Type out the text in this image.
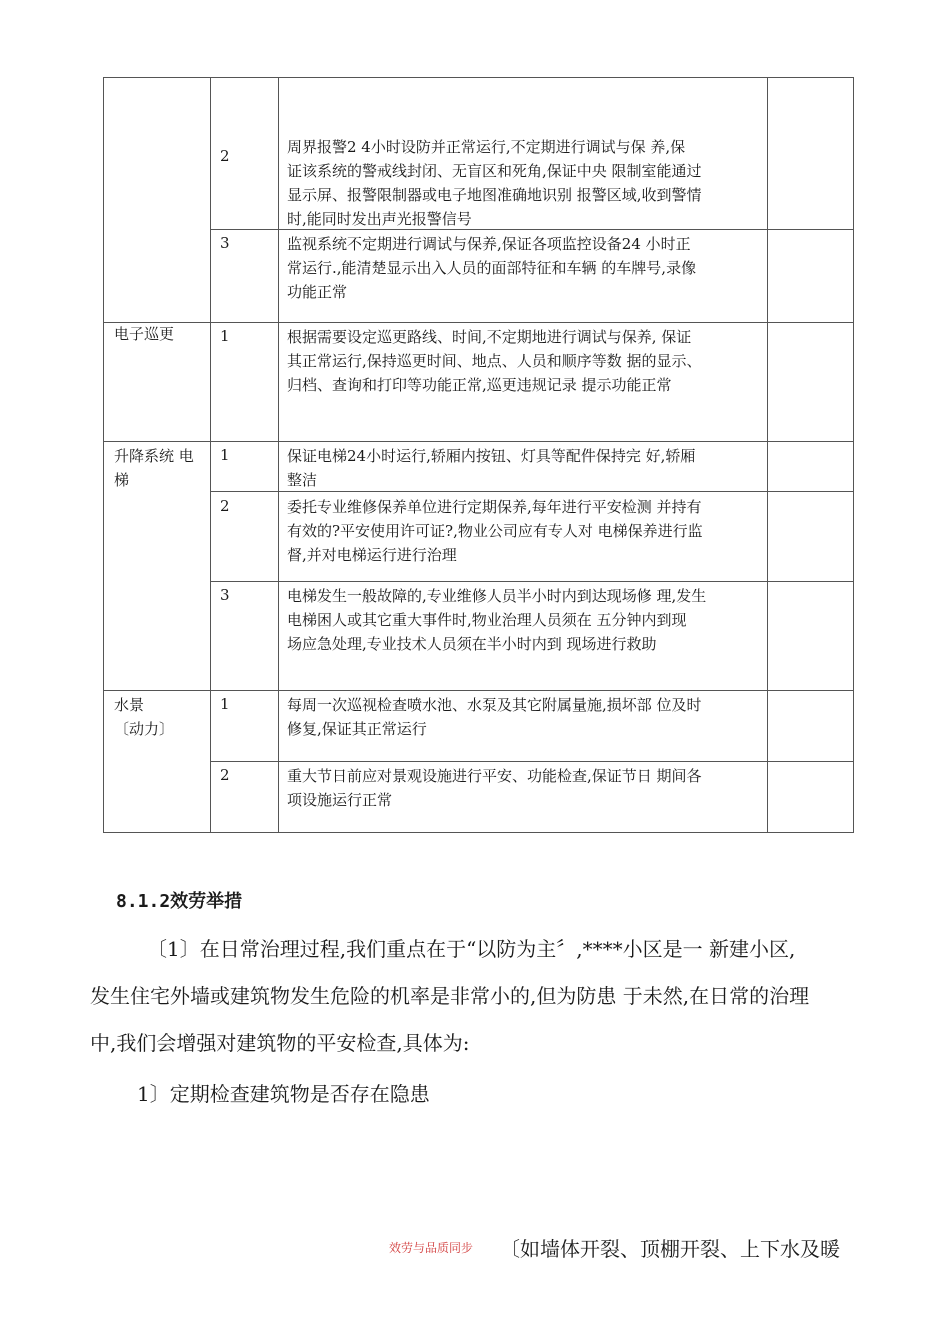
2	周界报警2 4小时设防并正常运行,不定期进行调试与保 养,保
证该系统的警戒线封闭、无盲区和死角,保证中央 限制室能通过
显示屏、报警限制器或电子地图准确地识别 报警区域,收到警情
时,能同时发出声光报警信号
3	监视系统不定期进行调试与保养,保证各项监控设备24 小时正
常运行.,能清楚显示出入人员的面部特征和车辆 的车牌号,录像
功能正常
电子巡更	1	根据需要设定巡更路线、时间,不定期地进行调试与保养, 保证
其正常运行,保持巡更时间、地点、人员和顺序等数 据的显示、
归档、查询和打印等功能正常,巡更违规记录 提示功能正常
升降系统 电
梯
1	保证电梯24小时运行,轿厢内按钮、灯具等配件保持完 好,轿厢
整洁
2	委托专业维修保养单位进行定期保养,每年进行平安检测 并持有
有效的?平安使用许可证?,物业公司应有专人对 电梯保养进行监
督,并对电梯运行进行治理
3	电梯发生一般故障的,专业维修人员半小时内到达现场修 理,发生
电梯困人或其它重大事件时,物业治理人员须在 五分钟内到现
场应急处理,专业技术人员须在半小时内到 现场进行救助
水景
〔动力〕
1	每周一次巡视检查喷水池、水泵及其它附属量施,损坏部 位及时
修复,保证其正常运行
2	重大节日前应对景观设施进行平安、功能检查,保证节日 期间各
项设施运行正常
8.1.2效劳举措
〔1〕在日常治理过程,我们重点在于“以防为主〞,****小区是一 新建小区,
发生住宅外墙或建筑物发生危险的机率是非常小的,但为防患 于未然,在日常的治理
中,我们会增强对建筑物的平安检查,具体为:
1〕定期检查建筑物是否存在隐患
效劳与品质同步 〔如墙体开裂、顶棚开裂、上下水及暖
